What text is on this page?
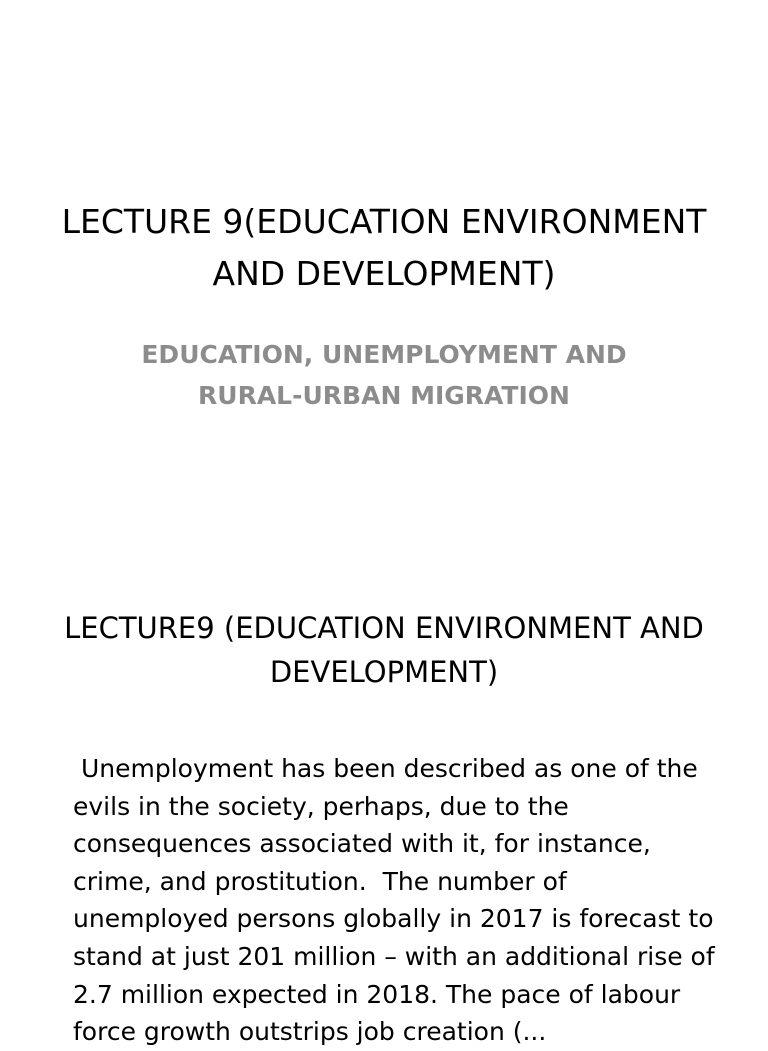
LECTURE 9(EDUCATION ENVIRONMENT AND DEVELOPMENT)
EDUCATION, UNEMPLOYMENT AND RURAL-URBAN MIGRATION
LECTURE9 (EDUCATION ENVIRONMENT AND DEVELOPMENT)

Unemployment has been described as one of the evils in the society, perhaps, due to the consequences associated with it, for instance, crime, and prostitution.  The number of unemployed persons globally in 2017 is forecast to stand at just 201 million – with an additional rise of 2.7 million expected in 2018. The pace of labour force growth outstrips job creation (...
